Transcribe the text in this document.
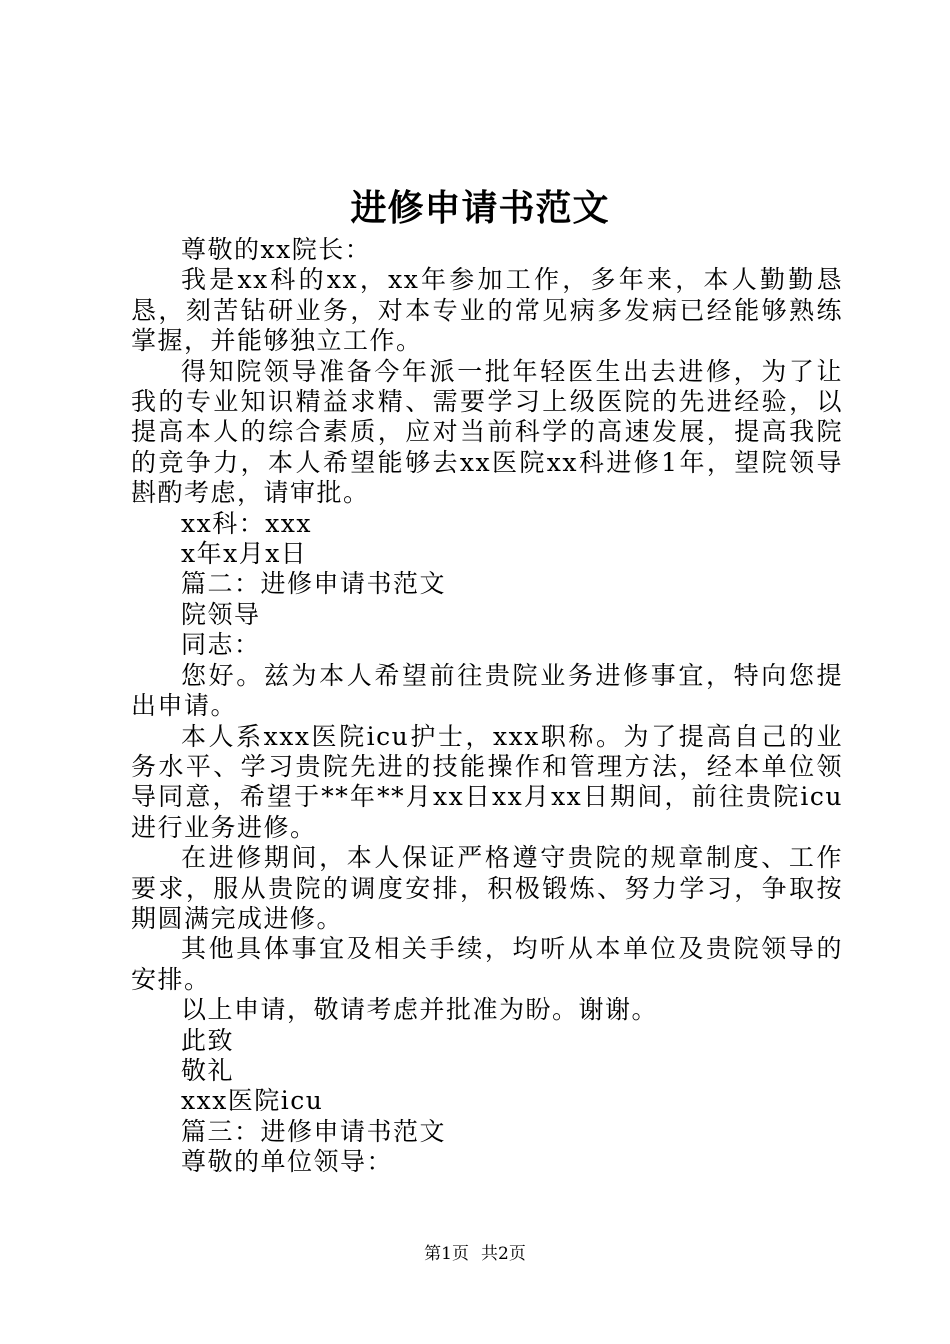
进修申请书范文

尊敬的xx院长：

我是xx科的xx，xx年参加工作，多年来，本人勤勤恳恳，刻苦钻研业务，对本专业的常见病多发病已经能够熟练掌握，并能够独立工作。

得知院领导准备今年派一批年轻医生出去进修，为了让我的专业知识精益求精、需要学习上级医院的先进经验，以提高本人的综合素质，应对当前科学的高速发展，提高我院的竞争力，本人希望能够去xx医院xx科进修1年，望院领导斟酌考虑，请审批。

xx科：xxx

x年x月x日

篇二：进修申请书范文

院领导

同志：

您好。兹为本人希望前往贵院业务进修事宜，特向您提出申请。

本人系xxx医院icu护士，xxx职称。为了提高自己的业务水平、学习贵院先进的技能操作和管理方法，经本单位领导同意，希望于**年**月xx日xx月xx日期间，前往贵院icu进行业务进修。

在进修期间，本人保证严格遵守贵院的规章制度、工作要求，服从贵院的调度安排，积极锻炼、努力学习，争取按期圆满完成进修。

其他具体事宜及相关手续，均听从本单位及贵院领导的安排。

以上申请，敬请考虑并批准为盼。谢谢。

此致

敬礼

xxx医院icu

篇三：进修申请书范文

尊敬的单位领导：

第1页 共2页
